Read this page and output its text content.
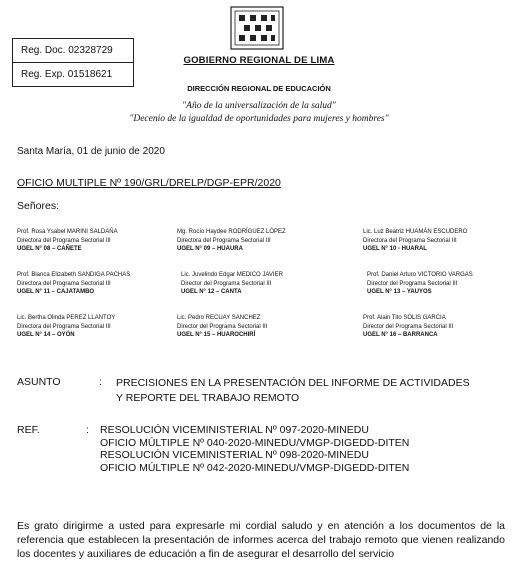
Reg. Doc. 02328729
Reg. Exp. 01518621
GOBIERNO REGIONAL DE LIMA
DIRECCIÓN REGIONAL DE EDUCACIÓN
"Año de la universalización de la salud"
"Decenio de la igualdad de oportunidades para mujeres y hombres"
Santa María, 01 de junio de 2020
OFICIO MULTIPLE Nº 190/GRL/DRELP/DGP-EPR/2020
Señores:
Prof. Rosa Ysabel MARINI SALDAÑA
Directora del Programa Sectorial III
UGEL N° 08 – CAÑETE
Mg. Rocío Haydee RODRÍGUEZ LÓPEZ
Directora del Programa Sectorial III
UGEL N° 09 – HUAURA
Lic. Luz Beatriz HUAMÁN ESCUDERO
Directora del Programa Sectorial III
UGEL N° 10 - HUARAL
Prof. Blanca Elizabeth SANDIGA PACHAS
Directora del Programa Sectorial III
UGEL N° 11 – CAJATAMBO
Lic. Juvelindo Edgar MEDICO JAVIER
Director del Programa Sectorial III
UGEL N° 12 – CANTA
Prof. Daniel Arturo VICTORIO VARGAS
Director del Programa Sectorial III
UGEL N° 13 – YAUYOS
Lic. Bertha Olinda PEREZ LLANTOY
Directora del Programa Sectorial III
UGEL N° 14 – OYÓN
Lic. Pedro RECUAY SANCHEZ
Director del Programa Sectorial III
UGEL N° 15 – HUAROCHIRÍ
Prof. Alain Tito SOLIS GARCIA
Director del Programa Sectorial III
UGEL N° 16 – BARRANCA
ASUNTO	: PRECISIONES EN LA PRESENTACIÓN DEL INFORME DE ACTIVIDADES
Y REPORTE DEL TRABAJO REMOTO
REF.	: RESOLUCIÓN VICEMINISTERIAL Nº 097-2020-MINEDU
OFICIO MÚLTIPLE Nº 040-2020-MINEDU/VMGP-DIGEDD-DITEN
RESOLUCIÓN VICEMINISTERIAL Nº 098-2020-MINEDU
OFICIO MÚLTIPLE Nº 042-2020-MINEDU/VMGP-DIGEDD-DITEN
Es grato dirigirme a usted para expresarle mi cordial saludo y en atención a los documentos de la referencia que establecen la presentación de informes acerca del trabajo remoto que vienen realizando los docentes y auxiliares de educación a fin de asegurar el desarrollo del servicio
